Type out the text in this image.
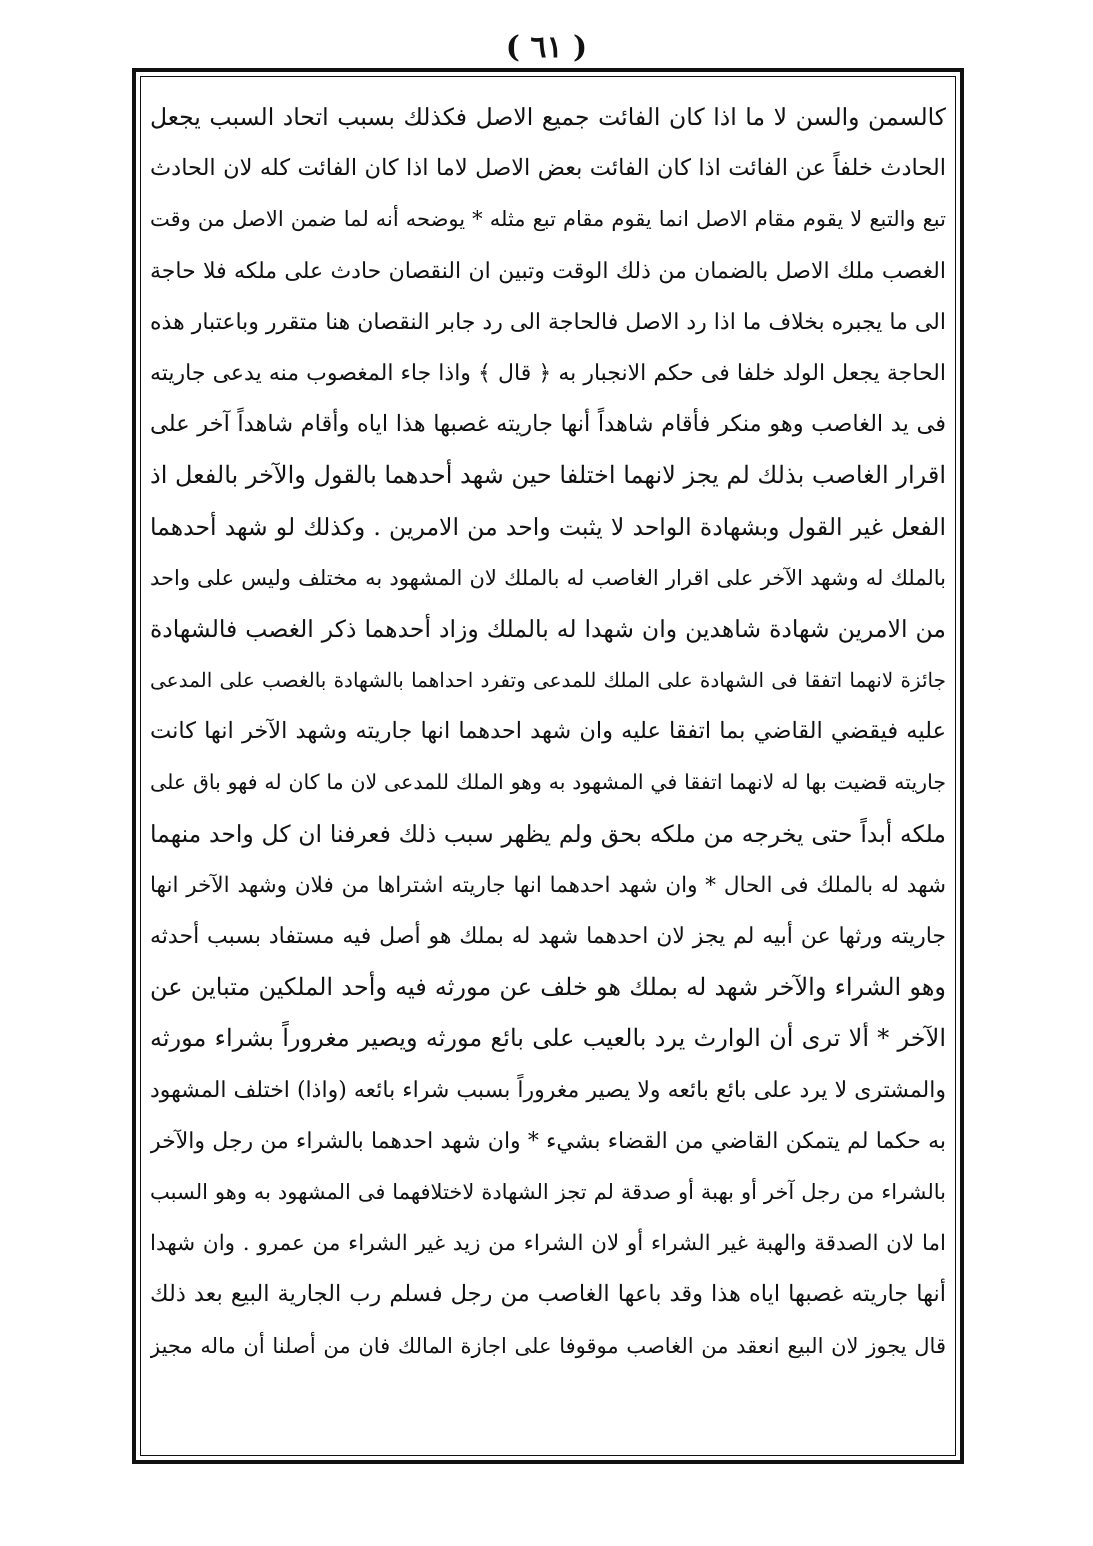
( ٦١ )
كالسمن والسن لا ما اذا كان الفائت جميع الاصل فكذلك بسبب اتحاد السبب يجعل
الحادث خلفاً عن الفائت اذا كان الفائت بعض الاصل لاما اذا كان الفائت كله لان الحادث
تبع والتبع لا يقوم مقام الاصل انما يقوم مقام تبع مثله * يوضحه أنه لما ضمن الاصل من وقت
الغصب ملك الاصل بالضمان من ذلك الوقت وتبين ان النقصان حادث على ملكه فلا حاجة
الى ما يجبره بخلاف ما اذا رد الاصل فالحاجة الى رد جابر النقصان هنا متقرر وباعتبار هذه
الحاجة يجعل الولد خلفا فى حكم الانجبار به ﴿ قال ﴾ واذا جاء المغصوب منه يدعى جاريته
فى يد الغاصب وهو منكر فأقام شاهداً أنها جاريته غصبها هذا اياه وأقام شاهداً آخر على
اقرار الغاصب بذلك لم يجز لانهما اختلفا حين شهد أحدهما بالقول والآخر بالفعل اذ
الفعل غير القول وبشهادة الواحد لا يثبت واحد من الامرين . وكذلك لو شهد أحدهما
بالملك له وشهد الآخر على اقرار الغاصب له بالملك لان المشهود به مختلف وليس على واحد
من الامرين شهادة شاهدين وان شهدا له بالملك وزاد أحدهما ذكر الغصب فالشهادة
جائزة لانهما اتفقا فى الشهادة على الملك للمدعى وتفرد احداهما بالشهادة بالغصب على المدعى
عليه فيقضي القاضي بما اتفقا عليه وان شهد احدهما انها جاريته وشهد الآخر انها كانت
جاريته قضيت بها له لانهما اتفقا في المشهود به وهو الملك للمدعى لان ما كان له فهو باق على
ملكه أبداً حتى يخرجه من ملكه بحق ولم يظهر سبب ذلك فعرفنا ان كل واحد منهما
شهد له بالملك فى الحال * وان شهد احدهما انها جاريته اشتراها من فلان وشهد الآخر انها
جاريته ورثها عن أبيه لم يجز لان احدهما شهد له بملك هو أصل فيه مستفاد بسبب أحدثه
وهو الشراء والآخر شهد له بملك هو خلف عن مورثه فيه وأحد الملكين متباين عن
الآخر * ألا ترى أن الوارث يرد بالعيب على بائع مورثه ويصير مغروراً بشراء مورثه
والمشترى لا يرد على بائع بائعه ولا يصير مغروراً بسبب شراء بائعه (واذا) اختلف المشهود
به حكما لم يتمكن القاضي من القضاء بشيء * وان شهد احدهما بالشراء من رجل والآخر
بالشراء من رجل آخر أو بهبة أو صدقة لم تجز الشهادة لاختلافهما فى المشهود به وهو السبب
اما لان الصدقة والهبة غير الشراء أو لان الشراء من زيد غير الشراء من عمرو . وان شهدا
أنها جاريته غصبها اياه هذا وقد باعها الغاصب من رجل فسلم رب الجارية البيع بعد ذلك
قال يجوز لان البيع انعقد من الغاصب موقوفا على اجازة المالك فان من أصلنا أن ماله مجيز
